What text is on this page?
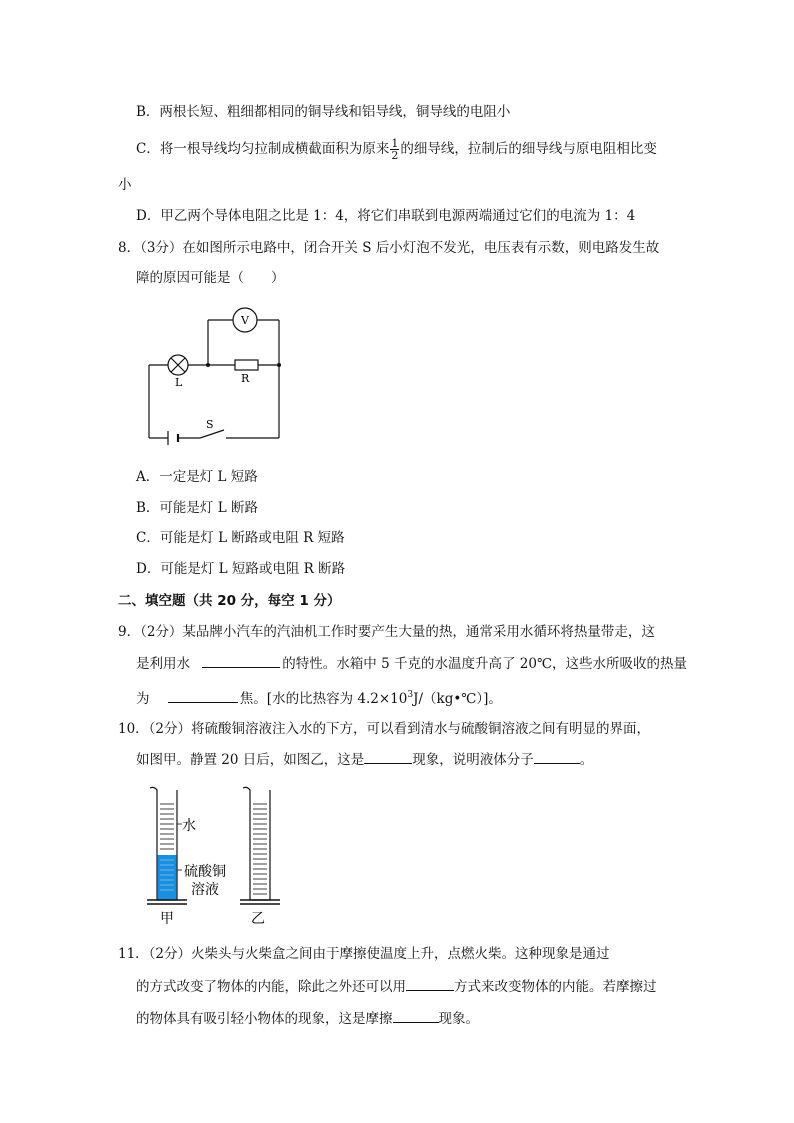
B．两根长短、粗细都相同的铜导线和铝导线，铜导线的电阻小
C．将一根导线均匀拉制成横截面积为原来 $\frac{1}{2}$ 的细导线，拉制后的细导线与原电阻相比变
小
D．甲乙两个导体电阻之比是 1：4，将它们串联到电源两端通过它们的电流为 1：4
8．（3分）在如图所示电路中，闭合开关 S 后小灯泡不发光，电压表有示数，则电路发生故
障的原因可能是（　　）
L	R
V
S
A．一定是灯 L 短路
B．可能是灯 L 断路
C．可能是灯 L 断路或电阻 R 短路
D．可能是灯 L 短路或电阻 R 断路
二、填空题（共 20 分，每空 1 分）
9．（2分）某品牌小汽车的汽油机工作时要产生大量的热，通常采用水循环将热量带走，这
是利用水	的特性。水箱中 5 千克的水温度升高了 20℃，这些水所吸收的热量
为	焦。[水的比热容为 $4.2\times 10^3J/(kg•℃)$]。
10．（2分）将硫酸铜溶液注入水的下方，可以看到清水与硫酸铜溶液之间有明显的界面，
如图甲。静置 20 日后，如图乙，这是	现象，说明液体分子	。
水
硫酸铜
溶液
甲	乙
11．（2分）火柴头与火柴盒之间由于摩擦使温度上升，点燃火柴。这种现象是通过
的方式改变了物体的内能，除此之外还可以用	方式来改变物体的内能。若摩擦过
的物体具有吸引轻小物体的现象，这是摩擦	现象。
